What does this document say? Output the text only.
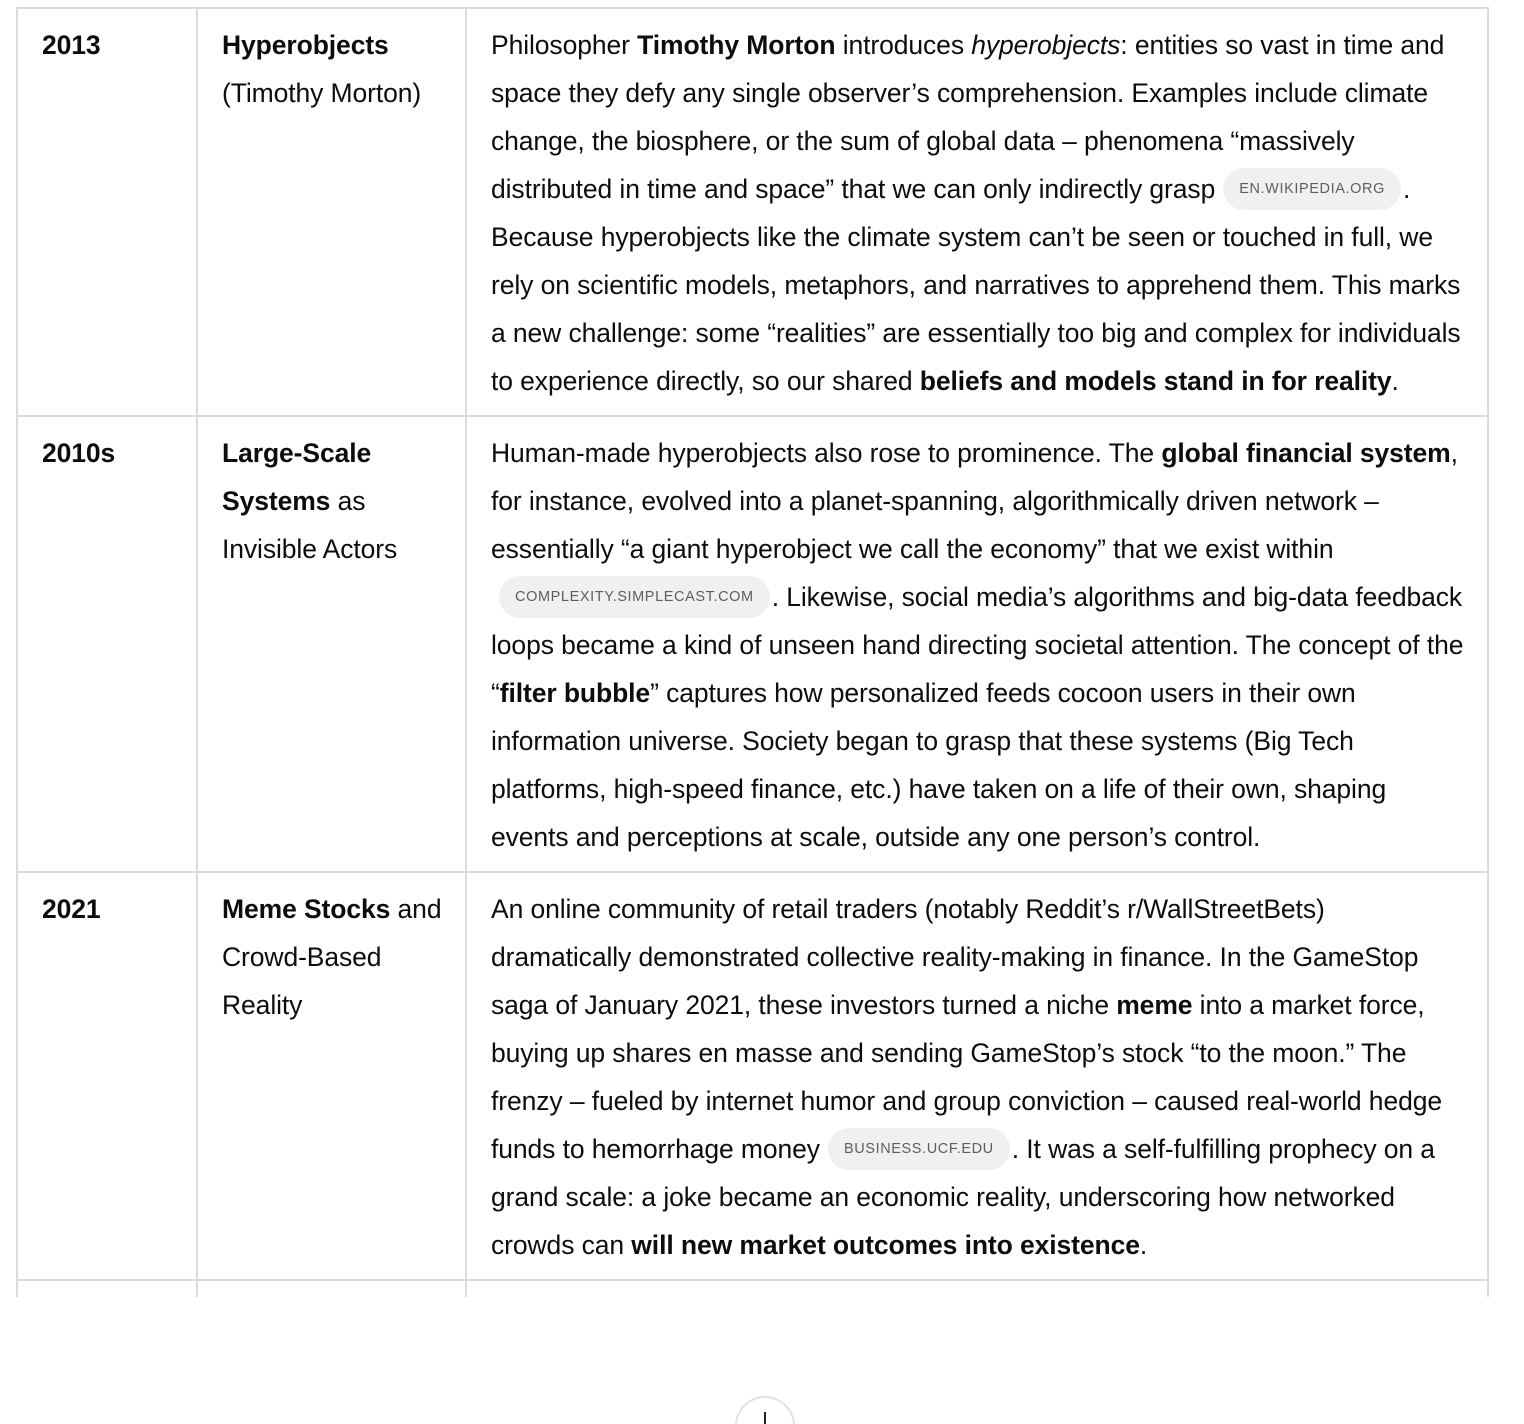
2013	Hyperobjects (Timothy Morton)	Philosopher Timothy Morton introduces hyperobjects: entities so vast in time and space they defy any single observer’s comprehension. Examples include climate change, the biosphere, or the sum of global data – phenomena “massively distributed in time and space” that we can only indirectly grasp EN.WIKIPEDIA.ORG . Because hyperobjects like the climate system can’t be seen or touched in full, we rely on scientific models, metaphors, and narratives to apprehend them. This marks a new challenge: some “realities” are essentially too big and complex for individuals to experience directly, so our shared beliefs and models stand in for reality.
2010s	Large-Scale Systems as Invisible Actors	Human-made hyperobjects also rose to prominence. The global financial system, for instance, evolved into a planet-spanning, algorithmically driven network – essentially “a giant hyperobject we call the economy” that we exist withinCOMPLEXITY.SIMPLECAST.COM . Likewise, social media’s algorithms and big-data feedback loops became a kind of unseen hand directing societal attention. The concept of the “filter bubble” captures how personalized feeds cocoon users in their own information universe. Society began to grasp that these systems (Big Tech platforms, high-speed finance, etc.) have taken on a life of their own, shaping events and perceptions at scale, outside any one person’s control.
2021	Meme Stocks and Crowd-Based Reality	An online community of retail traders (notably Reddit’s r/WallStreetBets) dramatically demonstrated collective reality-making in finance. In the GameStop saga of January 2021, these investors turned a niche meme into a market force, buying up shares en masse and sending GameStop’s stock “to the moon.” The frenzy – fueled by internet humor and group conviction – caused real-world hedge funds to hemorrhage money BUSINESS.UCF.EDU . It was a self-fulfilling prophecy on a grand scale: a joke became an economic reality, underscoring how networked crowds can will new market outcomes into existence.
